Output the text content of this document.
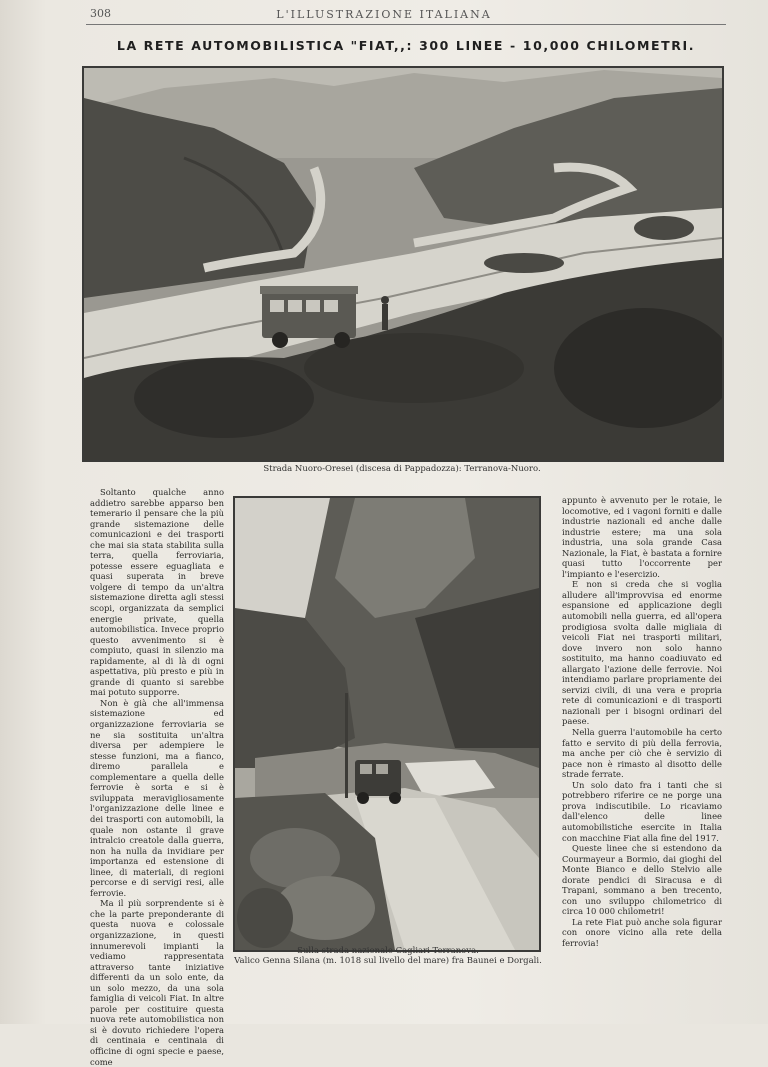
308	L'ILLUSTRAZIONE ITALIANA
LA RETE AUTOMOBILISTICA "FIAT,,: 300 LINEE - 10,000 CHILOMETRI.
Strada Nuoro-Oresei (discesa di Pappadozza): Terranova-Nuoro.

Soltanto qualche anno addietro sarebbe apparso ben temerario il pensare che la più grande sistemazione delle comunicazioni e dei trasporti che mai sia stata stabilita sulla terra, quella ferroviaria, potesse essere eguagliata e quasi superata in breve volgere di tempo da un'altra sistemazione diretta agli stessi scopi, organizzata da semplici energie private, quella automobilistica. Invece proprio questo avvenimento si è compiuto, quasi in silenzio ma rapidamente, al di là di ogni aspettativa, più presto e più in grande di quanto si sarebbe mai potuto supporre.

Non è già che all'immensa sistemazione ed organizzazione ferroviaria se ne sia sostituita un'altra diversa per adempiere le stesse funzioni, ma a fianco, diremo parallela e complementare a quella delle ferrovie è sorta e si è sviluppata meravigliosamente l'organizzazione delle linee e dei trasporti con automobili, la quale non ostante il grave intralcio creatole dalla guerra, non ha nulla da invidiare per importanza ed estensione di linee, di materiali, di regioni percorse e di servigi resi, alle ferrovie.

Ma il più sorprendente si è che la parte preponderante di questa nuova e colossale organizzazione, in questi innumerevoli impianti la vediamo rappresentata attraverso tante iniziative differenti da un solo ente, da un solo mezzo, da una sola famiglia di veicoli Fiat. In altre parole per costituire questa nuova rete automobilistica non si è dovuto richiedere l'opera di centinaia e centinaia di officine di ogni specie e paese, come

Sulla strada nazionale Cagliari-Terranova.
Valico Genna Silana (m. 1018 sul livello del mare) fra Baunei e Dorgali.

appunto è avvenuto per le rotaie, le locomotive, ed i vagoni forniti e dalle industrie nazionali ed anche dalle industrie estere; ma una sola industria, una sola grande Casa Nazionale, la Fiat, è bastata a fornire quasi tutto l'occorrente per l'impianto e l'esercizio.

E non si creda che si voglia alludere all'improvvisa ed enorme espansione ed applicazione degli automobili nella guerra, ed all'opera prodigiosa svolta dalle migliaia di veicoli Fiat nei trasporti militari, dove invero non solo hanno sostituito, ma hanno coadiuvato ed allargato l'azione delle ferrovie. Noi intendiamo parlare propriamente dei servizi civili, di una vera e propria rete di comunicazioni e di trasporti nazionali per i bisogni ordinari del paese.

Nella guerra l'automobile ha certo fatto e servito di più della ferrovia, ma anche per ciò che è servizio di pace non è rimasto al disotto delle strade ferrate.

Un solo dato fra i tanti che si potrebbero riferire ce ne porge una prova indiscutibile. Lo ricaviamo dall'elenco delle linee automobilistiche esercite in Italia con macchine Fiat alla fine del 1917.

Queste linee che si estendono da Courmayeur a Bormio, dai gioghi del Monte Bianco e dello Stelvio alle dorate pendici di Siracusa e di Trapani, sommano a ben trecento, con uno sviluppo chilometrico di circa 10 000 chilometri!

La rete Fiat può anche sola figurar con onore vicino alla rete della ferrovia!
